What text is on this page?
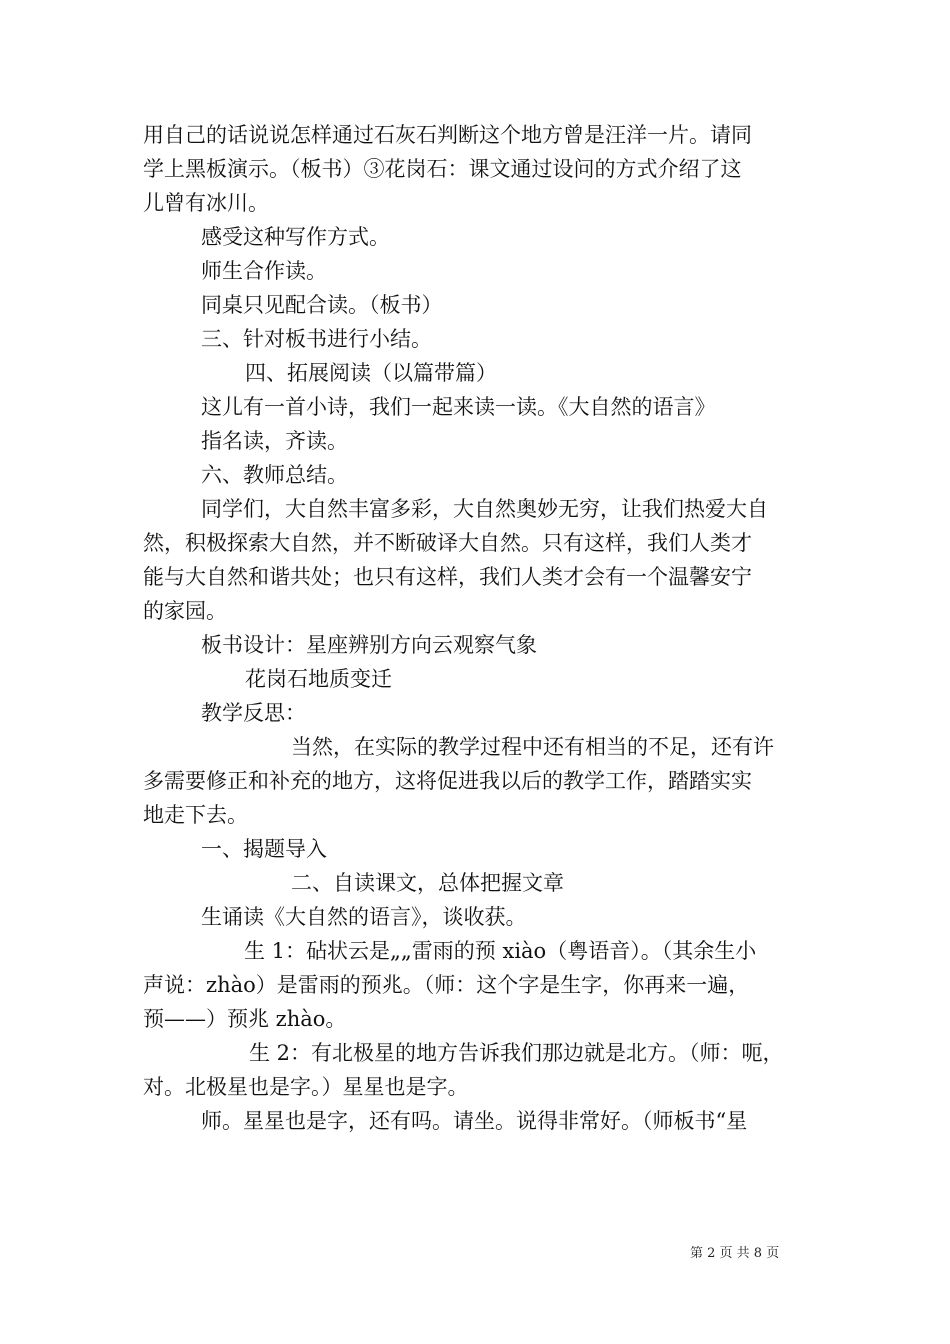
用自己的话说说怎样通过石灰石判断这个地方曾是汪洋一片。请同
学上黑板演示。（板书）③花岗石：课文通过设问的方式介绍了这
儿曾有冰川。
感受这种写作方式。
师生合作读。
同桌只见配合读。（板书）
三、针对板书进行小结。
四、拓展阅读（以篇带篇）
这儿有一首小诗，我们一起来读一读。《大自然的语言》
指名读，齐读。
六、教师总结。
同学们，大自然丰富多彩，大自然奥妙无穷，让我们热爱大自
然，积极探索大自然，并不断破译大自然。只有这样，我们人类才
能与大自然和谐共处；也只有这样，我们人类才会有一个温馨安宁
的家园。
板书设计：星座辨别方向云观察气象
花岗石地质变迁
教学反思：
当然，在实际的教学过程中还有相当的不足，还有许
多需要修正和补充的地方，这将促进我以后的教学工作，踏踏实实
地走下去。
一、揭题导入
二、自读课文，总体把握文章
生诵读《大自然的语言》，谈收获。
生 1：砧状云是„„雷雨的预 xiào（粤语音）。（其余生小
声说：zhào）是雷雨的预兆。（师：这个字是生字，你再来一遍，
预——）预兆 zhào。
生 2：有北极星的地方告诉我们那边就是北方。（师：呃，
对。北极星也是字。）星星也是字。
师。星星也是字，还有吗。请坐。说得非常好。（师板书“星
第 2 页 共 8 页
